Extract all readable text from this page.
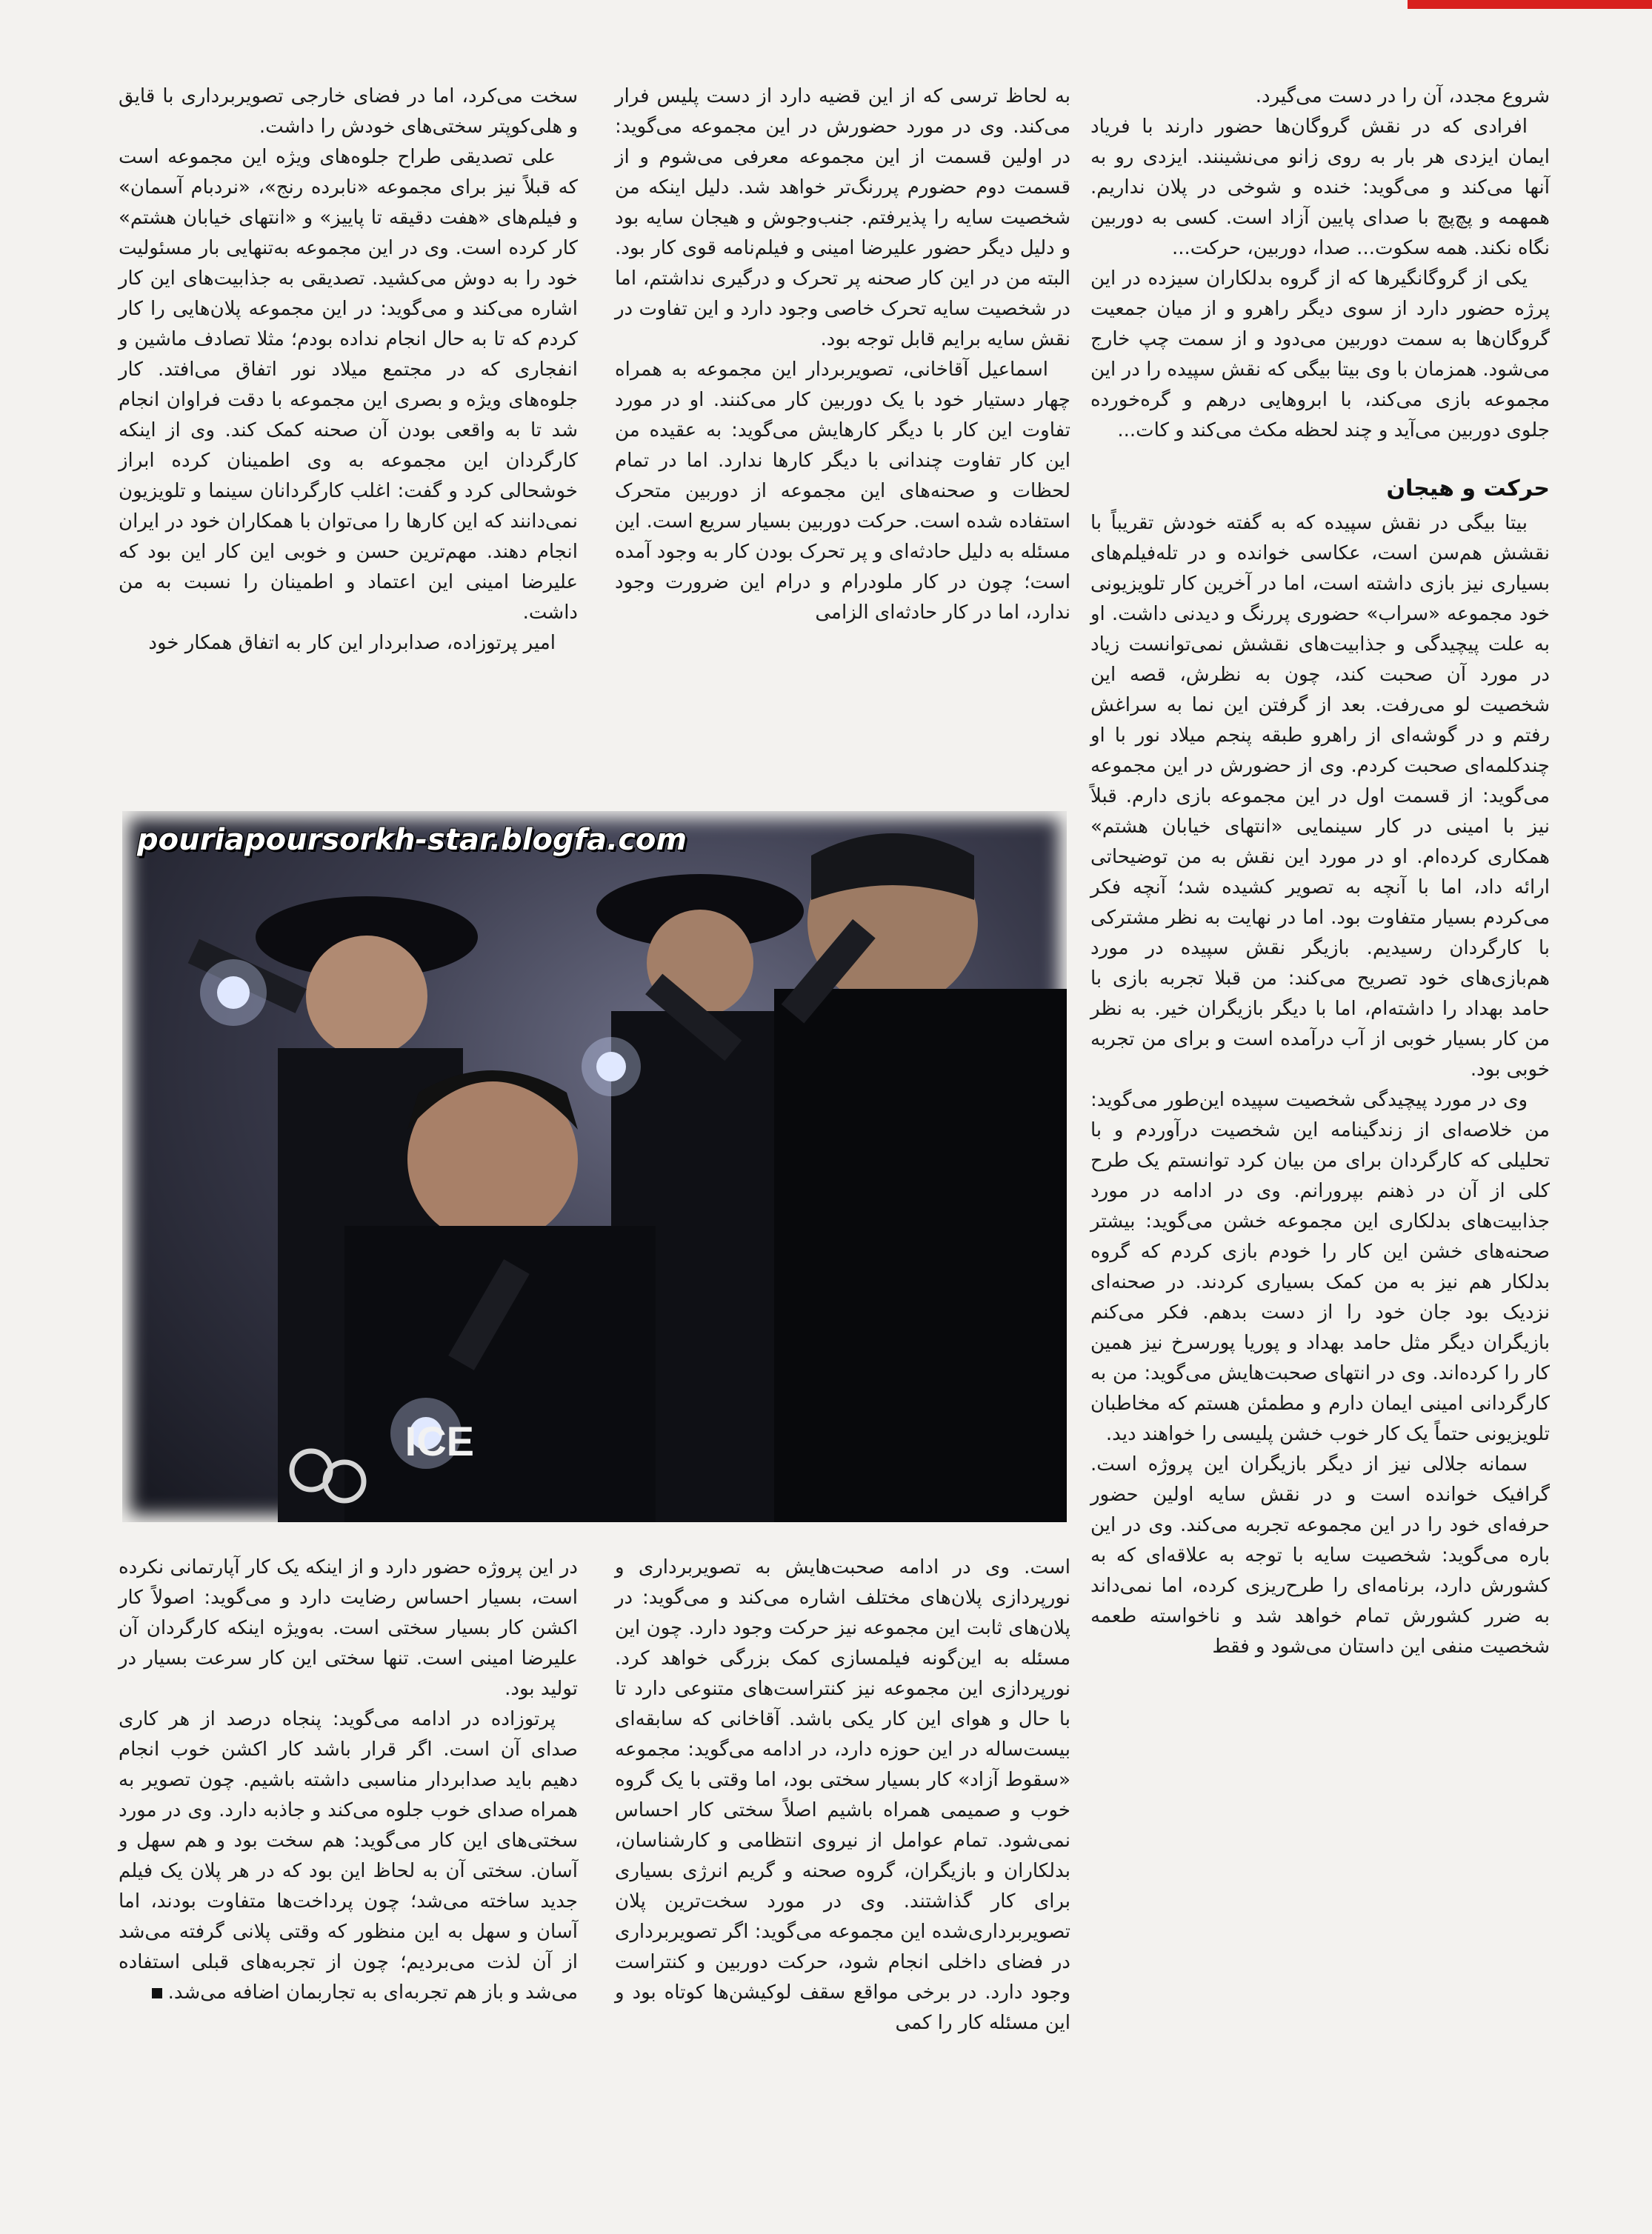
شروع مجدد، آن را در دست می‌گیرد.

افرادی که در نقش گروگان‌ها حضور دارند با فریاد ایمان ایزدی هر بار به روی زانو می‌نشینند. ایزدی رو به آنها می‌کند و می‌گوید: خنده و شوخی در پلان نداریم. همهمه و پچ‌پچ با صدای پایین آزاد است. کسی به دوربین نگاه نکند. همه سکوت... صدا، دوربین، حرکت...

یکی از گروگانگیرها که از گروه بدلکاران سیزده در این پرژه حضور دارد از سوی دیگر راهرو و از میان جمعیت گروگان‌ها به سمت دوربین می‌دود و از سمت چپ خارج می‌شود. همزمان با وی بیتا بیگی که نقش سپیده را در این مجموعه بازی می‌کند، با ابروهایی درهم و گره‌خورده جلوی دوربین می‌آید و چند لحظه مکث می‌کند و کات...

حرکت و هیجان

بیتا بیگی در نقش سپیده که به گفته خودش تقریباً با نقشش هم‌سن است، عکاسی خوانده و در تله‌فیلم‌های بسیاری نیز بازی داشته است، اما در آخرین کار تلویزیونی خود مجموعه «سراب» حضوری پررنگ و دیدنی داشت. او به علت پیچیدگی و جذابیت‌های نقشش نمی‌توانست زیاد در مورد آن صحبت کند، چون به نظرش، قصه این شخصیت لو می‌رفت. بعد از گرفتن این نما به سراغش رفتم و در گوشه‌ای از راهرو طبقه پنجم میلاد نور با او چندکلمه‌ای صحبت کردم. وی از حضورش در این مجموعه می‌گوید: از قسمت اول در این مجموعه بازی دارم. قبلاً نیز با امینی در کار سینمایی «انتهای خیابان هشتم» همکاری کرده‌ام. او در مورد این نقش به من توضیحاتی ارائه داد، اما با آنچه به تصویر کشیده شد؛ آنچه فکر می‌کردم بسیار متفاوت بود. اما در نهایت به نظر مشترکی با کارگردان رسیدیم. بازیگر نقش سپیده در مورد هم‌بازی‌های خود تصریح می‌کند: من قبلا تجربه بازی با حامد بهداد را داشته‌ام، اما با دیگر بازیگران خیر. به نظر من کار بسیار خوبی از آب درآمده است و برای من تجربه خوبی بود.

وی در مورد پیچیدگی شخصیت سپیده این‌طور می‌گوید: من خلاصه‌ای از زندگینامه این شخصیت درآوردم و با تحلیلی که کارگردان برای من بیان کرد توانستم یک طرح کلی از آن در ذهنم بپرورانم. وی در ادامه در مورد جذابیت‌های بدلکاری این مجموعه خشن می‌گوید: بیشتر صحنه‌های خشن این کار را خودم بازی کردم که گروه بدلکار هم نیز به من کمک بسیاری کردند. در صحنه‌ای نزدیک بود جان خود را از دست بدهم. فکر می‌کنم بازیگران دیگر مثل حامد بهداد و پوریا پورسرخ نیز همین کار را کرده‌اند. وی در انتهای صحبت‌هایش می‌گوید: من به کارگردانی امینی ایمان دارم و مطمئن هستم که مخاطبان تلویزیونی حتماً یک کار خوب خشن پلیسی را خواهند دید.

سمانه جلالی نیز از دیگر بازیگران این پروژه است. گرافیک خوانده است و در نقش سایه اولین حضور حرفه‌ای خود را در این مجموعه تجربه می‌کند. وی در این باره می‌گوید: شخصیت سایه با توجه به علاقه‌ای که به کشورش دارد، برنامه‌ای را طرح‌ریزی کرده، اما نمی‌داند به ضرر کشورش تمام خواهد شد و ناخواسته طعمه شخصیت منفی این داستان می‌شود و فقط

به لحاظ ترسی که از این قضیه دارد از دست پلیس فرار می‌کند. وی در مورد حضورش در این مجموعه می‌گوید: در اولین قسمت از این مجموعه معرفی می‌شوم و از قسمت دوم حضورم پررنگ‌تر خواهد شد. دلیل اینکه من شخصیت سایه را پذیرفتم. جنب‌وجوش و هیجان سایه بود و دلیل دیگر حضور علیرضا امینی و فیلم‌نامه قوی کار بود. البته من در این کار صحنه پر تحرک و درگیری نداشتم، اما در شخصیت سایه تحرک خاصی وجود دارد و این تفاوت در نقش سایه برایم قابل توجه بود.

اسماعیل آقاخانی، تصویربردار این مجموعه به همراه چهار دستیار خود با یک دوربین کار می‌کنند. او در مورد تفاوت این کار با دیگر کارهایش می‌گوید: به عقیده من این کار تفاوت چندانی با دیگر کارها ندارد. اما در تمام لحظات و صحنه‌های این مجموعه از دوربین متحرک استفاده شده است. حرکت دوربین بسیار سریع است. این مسئله به دلیل حادثه‌ای و پر تحرک بودن کار به وجود آمده است؛ چون در کار ملودرام و درام این ضرورت وجود ندارد، اما در کار حادثه‌ای الزامی

سخت می‌کرد، اما در فضای خارجی تصویربرداری با قایق و هلی‌کوپتر سختی‌های خودش را داشت.

علی تصدیقی طراح جلوه‌های ویژه این مجموعه است که قبلاً نیز برای مجموعه «نابرده رنج»، «نردبام آسمان» و فیلم‌های «هفت دقیقه تا پاییز» و «انتهای خیابان هشتم» کار کرده است. وی در این مجموعه به‌تنهایی بار مسئولیت خود را به دوش می‌کشید. تصدیقی به جذابیت‌های این کار اشاره می‌کند و می‌گوید: در این مجموعه پلان‌هایی را کار کردم که تا به حال انجام نداده بودم؛ مثلا تصادف ماشین و انفجاری که در مجتمع میلاد نور اتفاق می‌افتد. کار جلوه‌های ویژه و بصری این مجموعه با دقت فراوان انجام شد تا به واقعی بودن آن صحنه کمک کند. وی از اینکه کارگردان این مجموعه به وی اطمینان کرده ابراز خوشحالی کرد و گفت: اغلب کارگردانان سینما و تلویزیون نمی‌دانند که این کارها را می‌توان با همکاران خود در ایران انجام دهند. مهم‌ترین حسن و خوبی این کار این بود که علیرضا امینی این اعتماد و اطمینان را نسبت به من داشت.

امیر پرتوزاده، صدابردار این کار به اتفاق همکار خود

است. وی در ادامه صحبت‌هایش به تصویربرداری و نورپردازی پلان‌های مختلف اشاره می‌کند و می‌گوید: در پلان‌های ثابت این مجموعه نیز حرکت وجود دارد. چون این مسئله به این‌گونه فیلمسازی کمک بزرگی خواهد کرد. نورپردازی این مجموعه نیز کنتراست‌های متنوعی دارد تا با حال و هوای این کار یکی باشد. آقاخانی که سابقه‌ای بیست‌ساله در این حوزه دارد، در ادامه می‌گوید: مجموعه «سقوط آزاد» کار بسیار سختی بود، اما وقتی با یک گروه خوب و صمیمی همراه باشیم اصلاً سختی کار احساس نمی‌شود. تمام عوامل از نیروی انتظامی و کارشناسان، بدلکاران و بازیگران، گروه صحنه و گریم انرژی بسیاری برای کار گذاشتند. وی در مورد سخت‌ترین پلان تصویربرداری‌شده این مجموعه می‌گوید: اگر تصویربرداری در فضای داخلی انجام شود، حرکت دوربین و کنتراست وجود دارد. در برخی مواقع سقف لوکیشن‌ها کوتاه بود و این مسئله کار را کمی

در این پروژه حضور دارد و از اینکه یک کار آپارتمانی نکرده است، بسیار احساس رضایت دارد و می‌گوید: اصولاً کار اکشن کار بسیار سختی است. به‌ویژه اینکه کارگردان آن علیرضا امینی است. تنها سختی این کار سرعت بسیار در تولید بود.

پرتوزاده در ادامه می‌گوید: پنجاه درصد از هر کاری صدای آن است. اگر قرار باشد کار اکشن خوب انجام دهیم باید صدابردار مناسبی داشته باشیم. چون تصویر به همراه صدای خوب جلوه می‌کند و جاذبه دارد. وی در مورد سختی‌های این کار می‌گوید: هم سخت بود و هم سهل و آسان. سختی آن به لحاظ این بود که در هر پلان یک فیلم جدید ساخته می‌شد؛ چون پرداخت‌ها متفاوت بودند، اما آسان و سهل به این منظور که وقتی پلانی گرفته می‌شد از آن لذت می‌بردیم؛ چون از تجربه‌های قبلی استفاده می‌شد و باز هم تجربه‌ای به تجاربمان اضافه می‌شد.

ICE
pouriapoursorkh-star.blogfa.com
